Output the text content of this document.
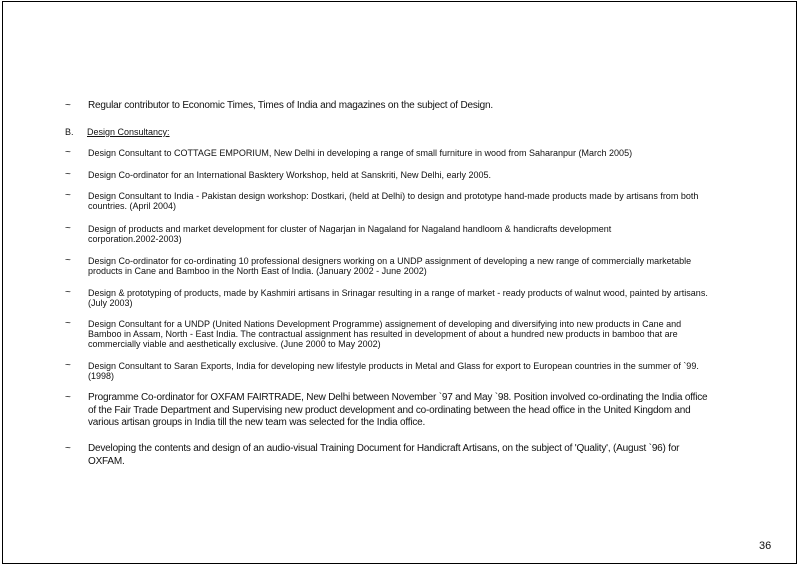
~ Regular contributor to Economic Times, Times of India and magazines on the subject of Design.
B. Design Consultancy:
~ Design Consultant to COTTAGE EMPORIUM, New Delhi in developing a range of small furniture in wood from Saharanpur (March 2005)
~ Design Co-ordinator for an International Basktery Workshop, held at Sanskriti, New Delhi, early 2005.
~ Design Consultant to India - Pakistan design workshop: Dostkari, (held at Delhi) to design and prototype hand-made products made by artisans from both countries. (April 2004)
~ Design of products and market development for cluster of Nagarjan in Nagaland for Nagaland handloom & handicrafts development corporation.2002-2003)
~ Design Co-ordinator for co-ordinating 10 professional designers working on a UNDP assignment of developing a new range of commercially marketable products in Cane and Bamboo in the North East of India. (January 2002 - June 2002)
~ Design & prototyping of products, made by Kashmiri artisans in Srinagar resulting in a range of market - ready products of walnut wood, painted by artisans. (July 2003)
~ Design Consultant for a UNDP (United Nations Development Programme) assignement of developing and diversifying into new products in Cane and Bamboo in Assam, North - East India. The contractual assignment has resulted in development of about a hundred new products in bamboo that are commercially viable and aesthetically exclusive. (June 2000 to May 2002)
~ Design Consultant to Saran Exports, India for developing new lifestyle products in Metal and Glass for export to European countries in the summer of `99.(1998)
~ Programme Co-ordinator for OXFAM FAIRTRADE, New Delhi between November `97 and May `98. Position involved co-ordinating the India office of the Fair Trade Department and Supervising new product development and co-ordinating between the head office in the United Kingdom and various artisan groups in India till the new team was selected for the India office.
~ Developing the contents and design of an audio-visual Training Document for Handicraft Artisans, on the subject of 'Quality', (August `96) for OXFAM.
36
